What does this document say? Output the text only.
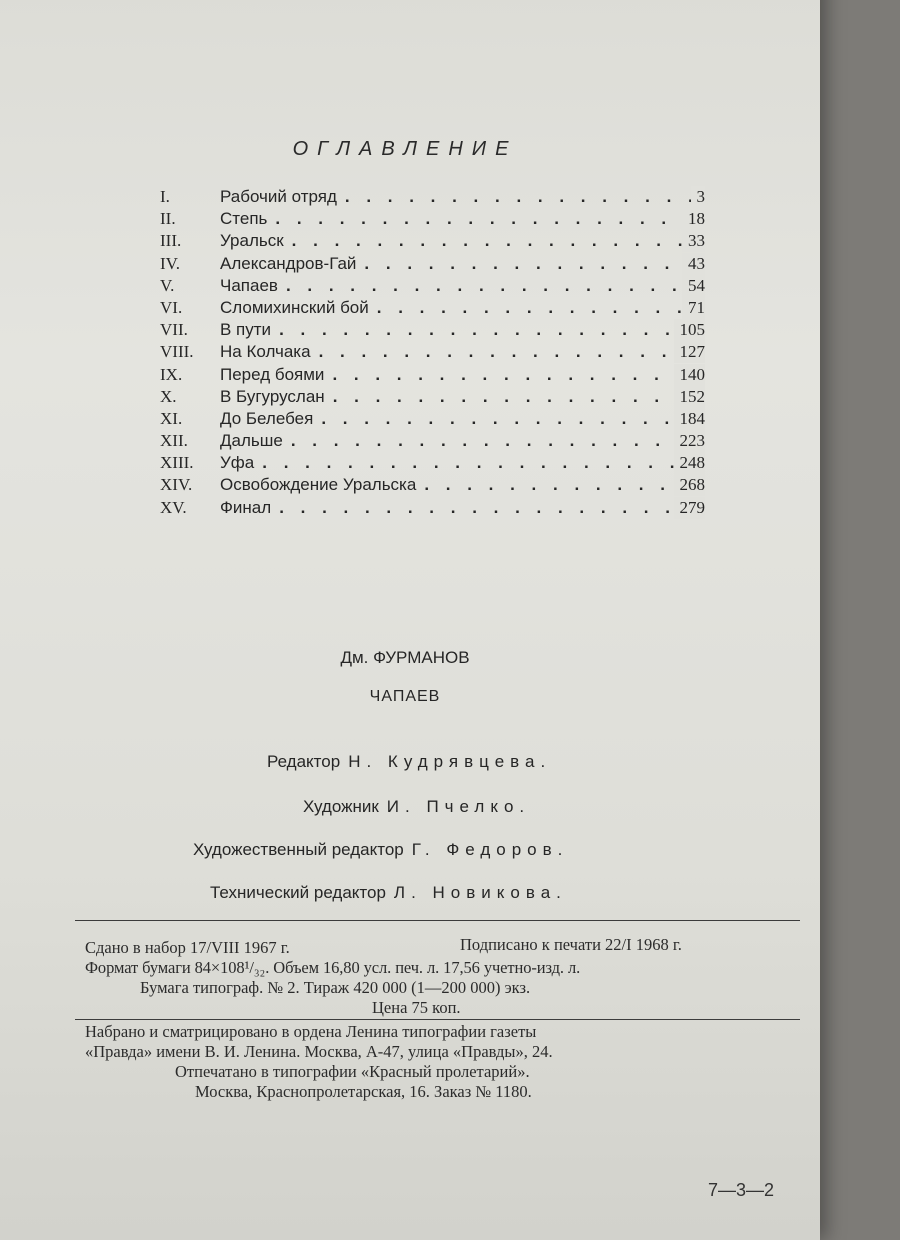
ОГЛАВЛЕНИЕ
I.	Рабочий отряд . . .	3
II.	Степь . . .	18
III. Уральск . . .	33
IV. Александров-Гай . . .	43
V.	Чапаев . . .	54
VI. Сломихинский бой . . .	71
VII. В пути . . .	105
VIII. На Колчака . . .	127
IX. Перед боями . . .	140
X.	В Бугуруслан . . .	152
XI. До Белебея . . .	184
XII. Дальше . . .	223
XIII. Уфа . . .	248
XIV. Освобождение Уральска . . .	268
XV. Финал . . .	279
Дм. ФУРМАНОВ
ЧАПАЕВ
Редактор Н. Кудрявцева.
Художник И. Пчелко.
Художественный редактор Г. Федоров.
Технический редактор Л. Новикова.
Сдано в набор 17/VIII 1967 г.	Подписано к печати 22/I 1968 г.
Формат бумаги 84×108¹/₃₂. Объем 16,80 усл. печ. л. 17,56 учетно-изд. л.
Бумага типограф. № 2. Тираж 420 000 (1—200 000) экз.
Цена 75 коп.
Набрано и сматрицировано в ордена Ленина типографии газеты
«Правда» имени В. И. Ленина. Москва, А-47, улица «Правды», 24.
Отпечатано в типографии «Красный пролетарий».
Москва, Краснопролетарская, 16. Заказ № 1180.
7—3—2
